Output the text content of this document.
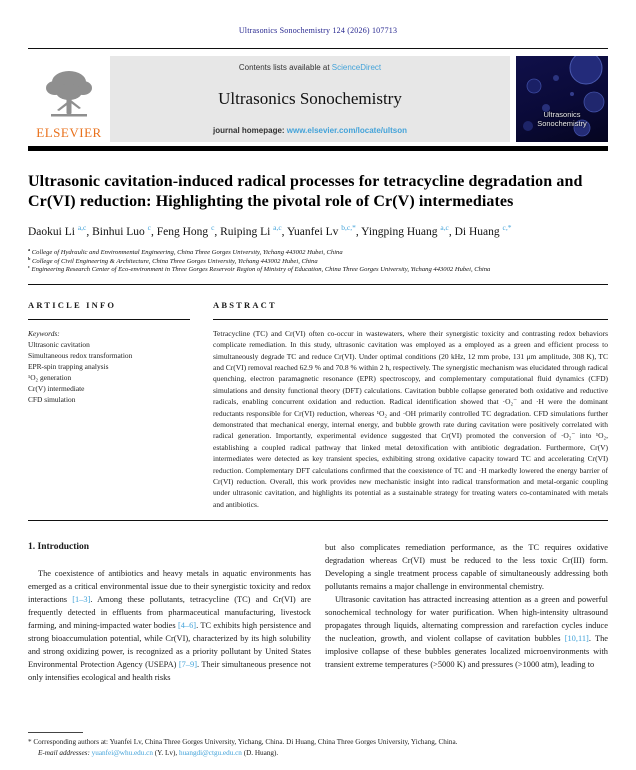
Ultrasonics Sonochemistry 124 (2026) 107713
ELSEVIER
Contents lists available at ScienceDirect
Ultrasonics Sonochemistry
journal homepage: www.elsevier.com/locate/ultson
Ultrasonics
Sonochemistry
Ultrasonic cavitation-induced radical processes for tetracycline degradation and Cr(VI) reduction: Highlighting the pivotal role of Cr(V) intermediates
Daokui Li $^{a,c}$, Binhui Luo $^c$, Feng Hong $^c$, Ruiping Li $^{a,c}$, Yuanfei Lv $^{b,c,*}$, Yingping Huang $^{a,c}$, Di Huang $^{c,*}$
$^a$ College of Hydraulic and Environmental Engineering, China Three Gorges University, Yichang 443002 Hubei, China
$^b$ College of Civil Engineering & Architecture, China Three Gorges University, Yichang 443002 Hubei, China
$^c$ Engineering Research Center of Eco-environment in Three Gorges Reservoir Region of Ministry of Education, China Three Gorges University, Yichang 443002 Hubei, China
ARTICLE INFO
Keywords:
Ultrasonic cavitation
Simultaneous redox transformation
EPR-spin trapping analysis
¹O₂ generation
Cr(V) intermediate
CFD simulation
ABSTRACT
Tetracycline (TC) and Cr(VI) often co-occur in wastewaters, where their synergistic toxicity and contrasting redox behaviors complicate remediation. In this study, ultrasonic cavitation was employed as a employed as a green and efficient process to simultaneously degrade TC and reduce Cr(VI). Under optimal conditions (20 kHz, 12 mm probe, 131 μm amplitude, 308 K), TC and Cr(VI) removal reached 62.9 % and 70.8 % within 2 h, respectively. The synergistic mechanism was elucidated through radical quenching, electron paramagnetic resonance (EPR) spectroscopy, and complementary computational fluid dynamics (CFD) simulations and density functional theory (DFT) calculations. Cavitation bubble collapse generated both oxidative and reductive radicals, enabling concurrent oxidation and reduction. Radical identification showed that ·O₂⁻ and ·H were the dominant reductants responsible for Cr(VI) reduction, whereas ¹O₂ and ·OH primarily controlled TC degradation. CFD simulations further demonstrated that mechanical energy, internal energy, and bubble growth rate during cavitation were positively correlated with radical generation. Importantly, experimental evidence suggested that Cr(VI) promoted the conversion of ·O₂⁻ into ¹O₂, establishing a coupled radical pathway that linked metal detoxification with antibiotic degradation. Furthermore, Cr(V) intermediates were detected as key transient species, exhibiting strong oxidative capacity toward TC and accelerating Cr(VI) reduction. Complementary DFT calculations confirmed that the coexistence of TC and ·H markedly lowered the energy barrier of Cr(VI) reduction. Overall, this work provides new mechanistic insight into radical transformation and metal-organic coupling under ultrasonic cavitation, and highlights its potential as a sustainable strategy for treating waters co-contaminated with metals and antibiotics.
1. Introduction

The coexistence of antibiotics and heavy metals in aquatic environments has emerged as a critical environmental issue due to their synergistic toxicity and redox interactions [1–3]. Among these pollutants, tetracycline (TC) and Cr(VI) are frequently detected in effluents from pharmaceutical manufacturing, livestock farming, and mining-impacted water bodies [4–6]. TC exhibits high persistence and strong bioaccumulation potential, while Cr(VI), characterized by its high solubility and strong oxidizing power, is recognized as a priority pollutant by United States Environmental Protection Agency (USEPA) [7–9]. Their simultaneous presence not only intensifies ecological and health risks

but also complicates remediation performance, as the TC requires oxidative degradation whereas Cr(VI) must be reduced to the less toxic Cr(III) form. Developing a single treatment process capable of simultaneously addressing both pollutants remains a major challenge in environmental chemistry.

Ultrasonic cavitation has attracted increasing attention as a green and powerful sonochemical technology for water purification. When high-intensity ultrasound propagates through liquids, alternating compression and rarefaction cycles induce the nucleation, growth, and violent collapse of cavitation bubbles [10,11]. The implosive collapse of these bubbles generates localized microenvironments with transient extreme temperatures (>5000 K) and pressures (>1000 atm), leading to

* Corresponding authors at: Yuanfei Lv, China Three Gorges University, Yichang, China. Di Huang, China Three Gorges University, Yichang, China.
E-mail addresses: yuanfei@whu.edu.cn (Y. Lv), huangdi@ctgu.edu.cn (D. Huang).
